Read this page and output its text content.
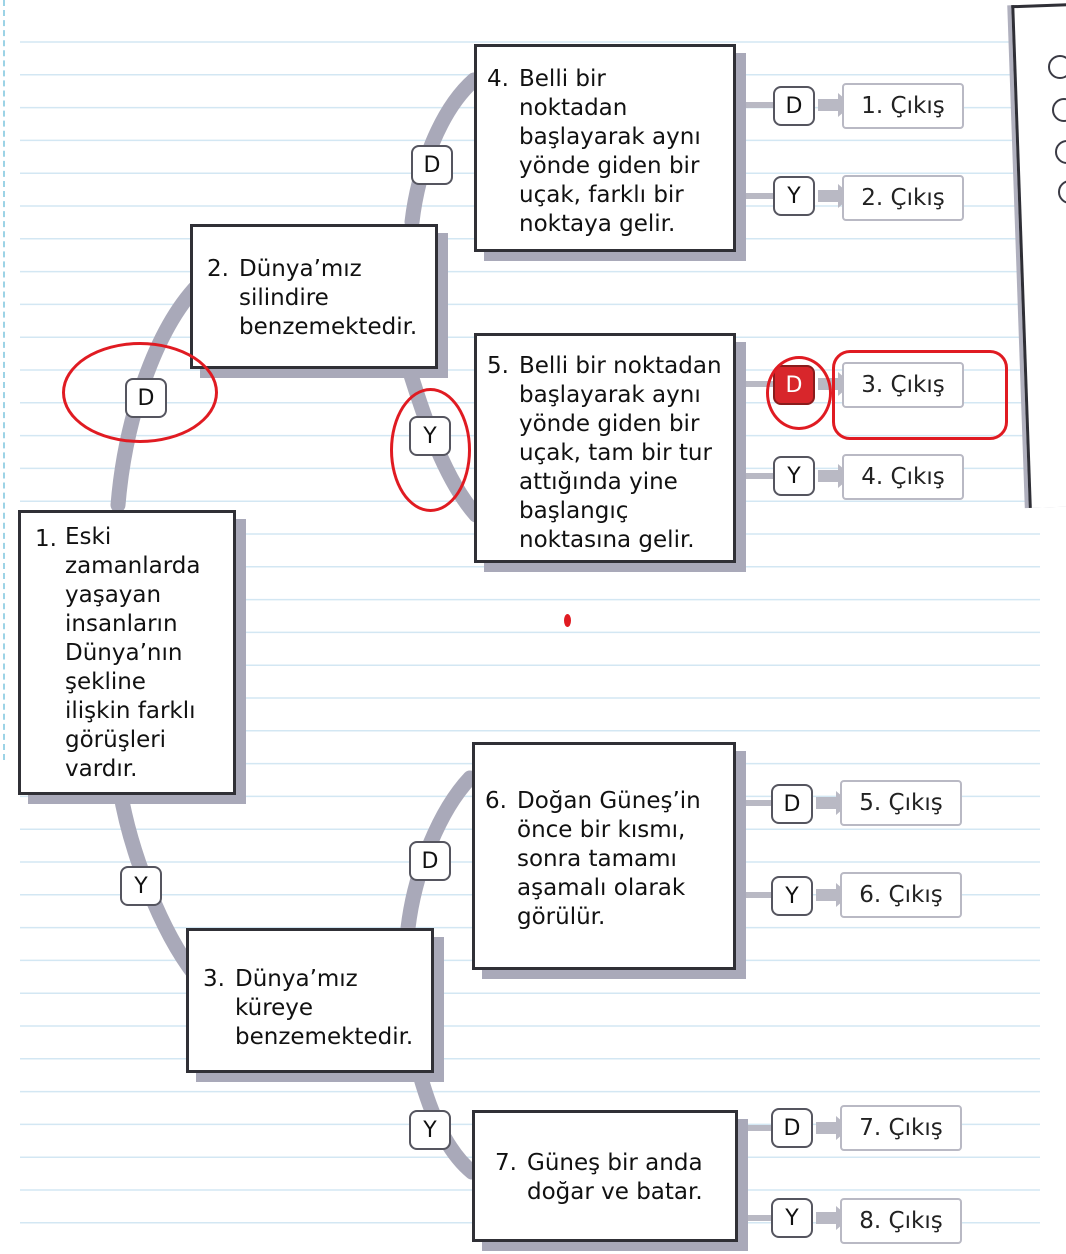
1. Eski zamanlarda yaşayan insanların Dünya’nın şekline ilişkin farklı görüşleri vardır.
2. Dünya’mız silindire benzemektedir.
3. Dünya’mız küreye benzemektedir.
4. Belli bir noktadan başlayarak aynı yönde giden bir uçak, farklı bir noktaya gelir.
5. Belli bir noktadan başlayarak aynı yönde giden bir uçak, tam bir tur attığında yine başlangıç noktasına gelir.
6. Doğan Güneş’in önce bir kısmı, sonra tamamı aşamalı olarak görülür.
7. Güneş bir anda doğar ve batar.
D
Y
D
Y
D
Y
D
Y
D
Y
D
Y
D
Y
1. Çıkış
2. Çıkış
3. Çıkış
4. Çıkış
5. Çıkış
6. Çıkış
7. Çıkış
8. Çıkış
